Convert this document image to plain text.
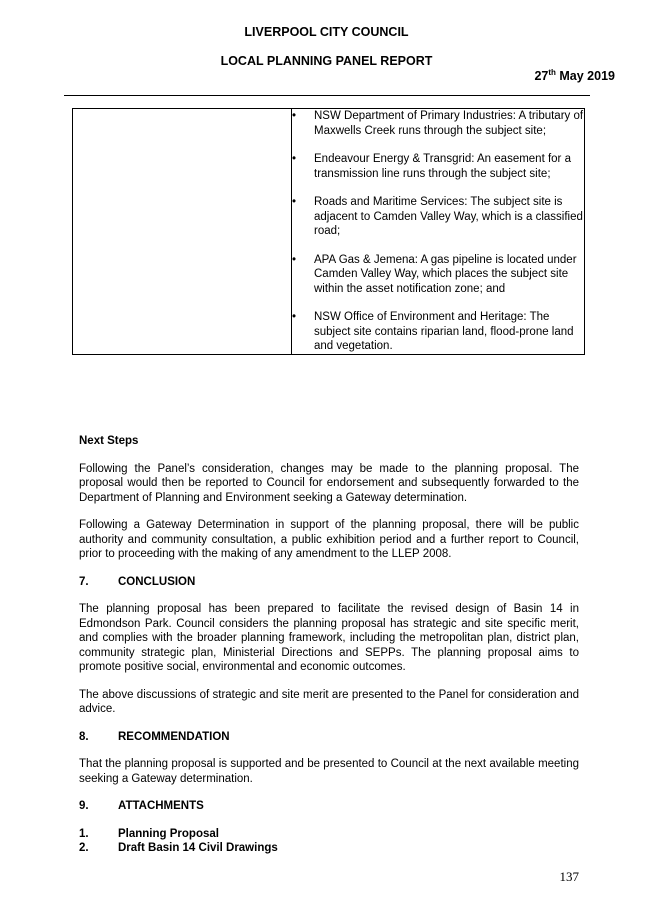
LIVERPOOL CITY COUNCIL
LOCAL PLANNING PANEL REPORT
27th May 2019

• NSW Department of Primary Industries: A tributary of Maxwells Creek runs through the subject site;
• Endeavour Energy & Transgrid: An easement for a transmission line runs through the subject site;
• Roads and Maritime Services: The subject site is adjacent to Camden Valley Way, which is a classified road;
• APA Gas & Jemena: A gas pipeline is located under Camden Valley Way, which places the subject site within the asset notification zone; and
• NSW Office of Environment and Heritage: The subject site contains riparian land, flood-prone land and vegetation.
Next Steps

Following the Panel’s consideration, changes may be made to the planning proposal. The proposal would then be reported to Council for endorsement and subsequently forwarded to the Department of Planning and Environment seeking a Gateway determination.

Following a Gateway Determination in support of the planning proposal, there will be public authority and community consultation, a public exhibition period and a further report to Council, prior to proceeding with the making of any amendment to the LLEP 2008.

7.	CONCLUSION

The planning proposal has been prepared to facilitate the revised design of Basin 14 in Edmondson Park. Council considers the planning proposal has strategic and site specific merit, and complies with the broader planning framework, including the metropolitan plan, district plan, community strategic plan, Ministerial Directions and SEPPs. The planning proposal aims to promote positive social, environmental and economic outcomes.

The above discussions of strategic and site merit are presented to the Panel for consideration and advice.

8.	RECOMMENDATION

That the planning proposal is supported and be presented to Council at the next available meeting seeking a Gateway determination.

9.	ATTACHMENTS
1.	Planning Proposal
2.	Draft Basin 14 Civil Drawings
137
